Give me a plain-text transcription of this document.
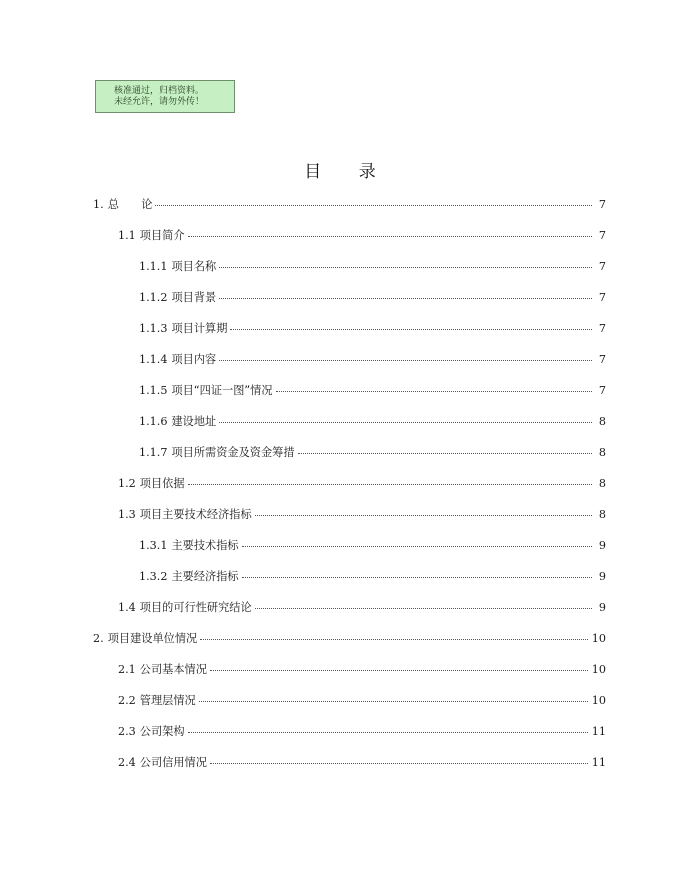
核准通过，归档资料。
未经允许，请勿外传！
目 录
1. 总　　论	7
1.1 项目简介	7
1.1.1 项目名称	7
1.1.2 项目背景	7
1.1.3 项目计算期	7
1.1.4 项目内容	7
1.1.5 项目“四证一图”情况	7
1.1.6 建设地址	8
1.1.7 项目所需资金及资金筹措	8
1.2 项目依据	8
1.3 项目主要技术经济指标	8
1.3.1 主要技术指标	9
1.3.2 主要经济指标	9
1.4 项目的可行性研究结论	9
2. 项目建设单位情况	10
2.1 公司基本情况	10
2.2 管理层情况	10
2.3 公司架构	11
2.4 公司信用情况	11
